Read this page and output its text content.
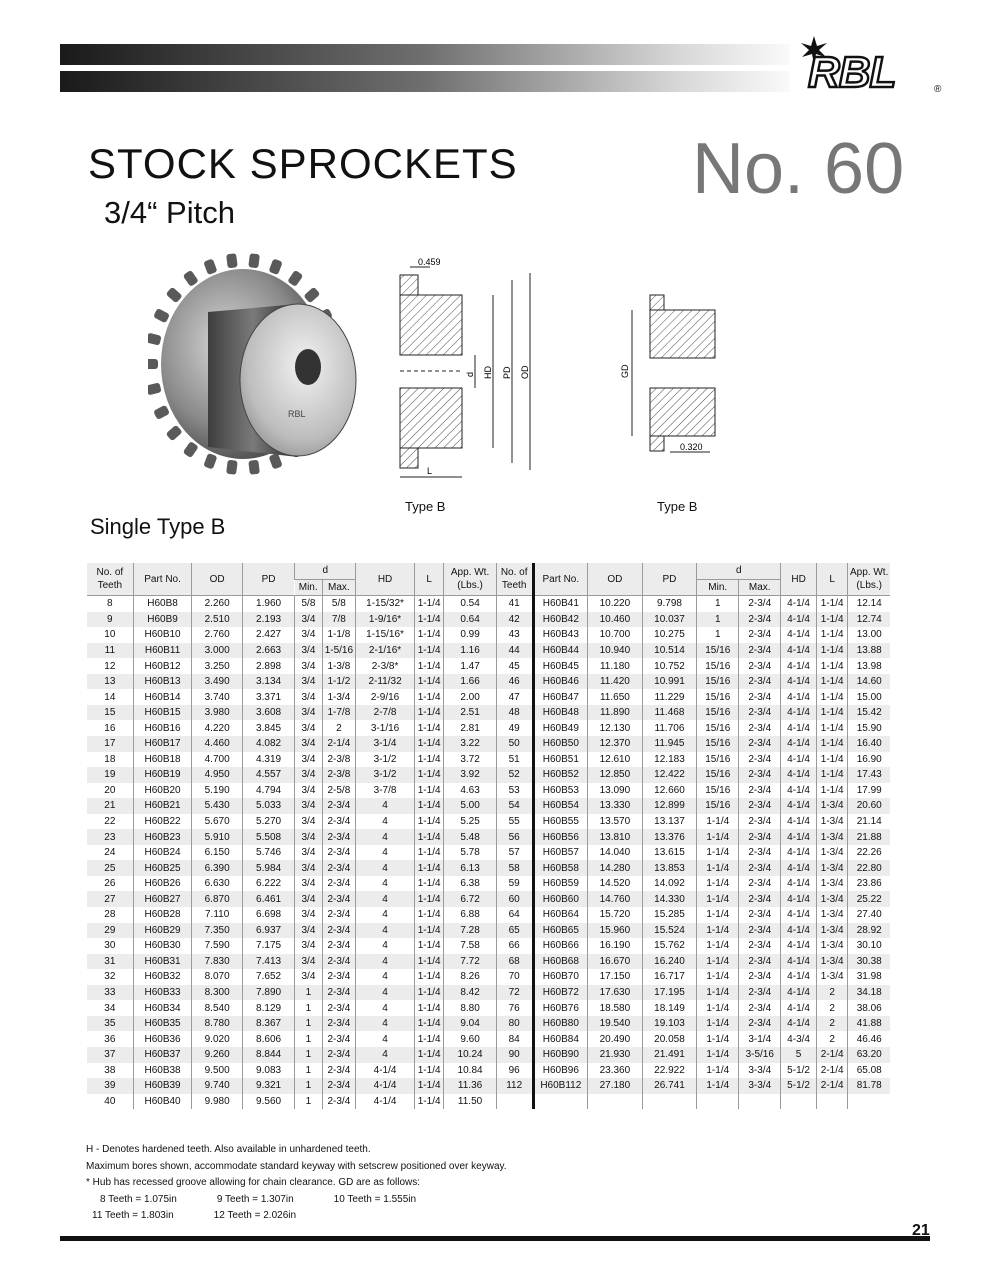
RBL	®
STOCK SPROCKETS
3/4“ Pitch
No. 60
RBL
0.459
d HD PD OD
L
GD
0.320
Type B	Type B
Single Type B
No. of Teeth	Part No.	OD	PD	d		HD	L	App. Wt. (Lbs.)	No. of Teeth	Part No.	OD	PD	d		HD	L	App. Wt. (Lbs.)
				Min.	Max.								Min.	Max.			
8	H60B8	2.260	1.960	5/8	5/8	1-15/32*	1-1/4	0.54	41	H60B41	10.220	9.798	1	2-3/4	4-1/4	1-1/4	12.14
9	H60B9	2.510	2.193	3/4	7/8	1-9/16*	1-1/4	0.64	42	H60B42	10.460	10.037	1	2-3/4	4-1/4	1-1/4	12.74
10	H60B10	2.760	2.427	3/4	1-1/8	1-15/16*	1-1/4	0.99	43	H60B43	10.700	10.275	1	2-3/4	4-1/4	1-1/4	13.00
11	H60B11	3.000	2.663	3/4	1-5/16	2-1/16*	1-1/4	1.16	44	H60B44	10.940	10.514	15/16	2-3/4	4-1/4	1-1/4	13.88
12	H60B12	3.250	2.898	3/4	1-3/8	2-3/8*	1-1/4	1.47	45	H60B45	11.180	10.752	15/16	2-3/4	4-1/4	1-1/4	13.98
13	H60B13	3.490	3.134	3/4	1-1/2	2-11/32	1-1/4	1.66	46	H60B46	11.420	10.991	15/16	2-3/4	4-1/4	1-1/4	14.60
14	H60B14	3.740	3.371	3/4	1-3/4	2-9/16	1-1/4	2.00	47	H60B47	11.650	11.229	15/16	2-3/4	4-1/4	1-1/4	15.00
15	H60B15	3.980	3.608	3/4	1-7/8	2-7/8	1-1/4	2.51	48	H60B48	11.890	11.468	15/16	2-3/4	4-1/4	1-1/4	15.42
16	H60B16	4.220	3.845	3/4	2	3-1/16	1-1/4	2.81	49	H60B49	12.130	11.706	15/16	2-3/4	4-1/4	1-1/4	15.90
17	H60B17	4.460	4.082	3/4	2-1/4	3-1/4	1-1/4	3.22	50	H60B50	12.370	11.945	15/16	2-3/4	4-1/4	1-1/4	16.40
18	H60B18	4.700	4.319	3/4	2-3/8	3-1/2	1-1/4	3.72	51	H60B51	12.610	12.183	15/16	2-3/4	4-1/4	1-1/4	16.90
19	H60B19	4.950	4.557	3/4	2-3/8	3-1/2	1-1/4	3.92	52	H60B52	12.850	12.422	15/16	2-3/4	4-1/4	1-1/4	17.43
20	H60B20	5.190	4.794	3/4	2-5/8	3-7/8	1-1/4	4.63	53	H60B53	13.090	12.660	15/16	2-3/4	4-1/4	1-1/4	17.99
21	H60B21	5.430	5.033	3/4	2-3/4	4	1-1/4	5.00	54	H60B54	13.330	12.899	15/16	2-3/4	4-1/4	1-3/4	20.60
22	H60B22	5.670	5.270	3/4	2-3/4	4	1-1/4	5.25	55	H60B55	13.570	13.137	1-1/4	2-3/4	4-1/4	1-3/4	21.14
23	H60B23	5.910	5.508	3/4	2-3/4	4	1-1/4	5.48	56	H60B56	13.810	13.376	1-1/4	2-3/4	4-1/4	1-3/4	21.88
24	H60B24	6.150	5.746	3/4	2-3/4	4	1-1/4	5.78	57	H60B57	14.040	13.615	1-1/4	2-3/4	4-1/4	1-3/4	22.26
25	H60B25	6.390	5.984	3/4	2-3/4	4	1-1/4	6.13	58	H60B58	14.280	13.853	1-1/4	2-3/4	4-1/4	1-3/4	22.80
26	H60B26	6.630	6.222	3/4	2-3/4	4	1-1/4	6.38	59	H60B59	14.520	14.092	1-1/4	2-3/4	4-1/4	1-3/4	23.86
27	H60B27	6.870	6.461	3/4	2-3/4	4	1-1/4	6.72	60	H60B60	14.760	14.330	1-1/4	2-3/4	4-1/4	1-3/4	25.22
28	H60B28	7.110	6.698	3/4	2-3/4	4	1-1/4	6.88	64	H60B64	15.720	15.285	1-1/4	2-3/4	4-1/4	1-3/4	27.40
29	H60B29	7.350	6.937	3/4	2-3/4	4	1-1/4	7.28	65	H60B65	15.960	15.524	1-1/4	2-3/4	4-1/4	1-3/4	28.92
30	H60B30	7.590	7.175	3/4	2-3/4	4	1-1/4	7.58	66	H60B66	16.190	15.762	1-1/4	2-3/4	4-1/4	1-3/4	30.10
31	H60B31	7.830	7.413	3/4	2-3/4	4	1-1/4	7.72	68	H60B68	16.670	16.240	1-1/4	2-3/4	4-1/4	1-3/4	30.38
32	H60B32	8.070	7.652	3/4	2-3/4	4	1-1/4	8.26	70	H60B70	17.150	16.717	1-1/4	2-3/4	4-1/4	1-3/4	31.98
33	H60B33	8.300	7.890	1	2-3/4	4	1-1/4	8.42	72	H60B72	17.630	17.195	1-1/4	2-3/4	4-1/4	2	34.18
34	H60B34	8.540	8.129	1	2-3/4	4	1-1/4	8.80	76	H60B76	18.580	18.149	1-1/4	2-3/4	4-1/4	2	38.06
35	H60B35	8.780	8.367	1	2-3/4	4	1-1/4	9.04	80	H60B80	19.540	19.103	1-1/4	2-3/4	4-1/4	2	41.88
36	H60B36	9.020	8.606	1	2-3/4	4	1-1/4	9.60	84	H60B84	20.490	20.058	1-1/4	3-1/4	4-3/4	2	46.46
37	H60B37	9.260	8.844	1	2-3/4	4	1-1/4	10.24	90	H60B90	21.930	21.491	1-1/4	3-5/16	5	2-1/4	63.20
38	H60B38	9.500	9.083	1	2-3/4	4-1/4	1-1/4	10.84	96	H60B96	23.360	22.922	1-1/4	3-3/4	5-1/2	2-1/4	65.08
39	H60B39	9.740	9.321	1	2-3/4	4-1/4	1-1/4	11.36	112	H60B112	27.180	26.741	1-1/4	3-3/4	5-1/2	2-1/4	81.78
40	H60B40	9.980	9.560	1	2-3/4	4-1/4	1-1/4	11.50									
H - Denotes hardened teeth. Also available in unhardened teeth.
Maximum bores shown, accommodate standard keyway with setscrew positioned over keyway.
* Hub has recessed groove allowing for chain clearance. GD are as follows:
8 Teeth = 1.075in	9 Teeth = 1.307in	10 Teeth = 1.555in
11 Teeth = 1.803in	12 Teeth = 2.026in
21
